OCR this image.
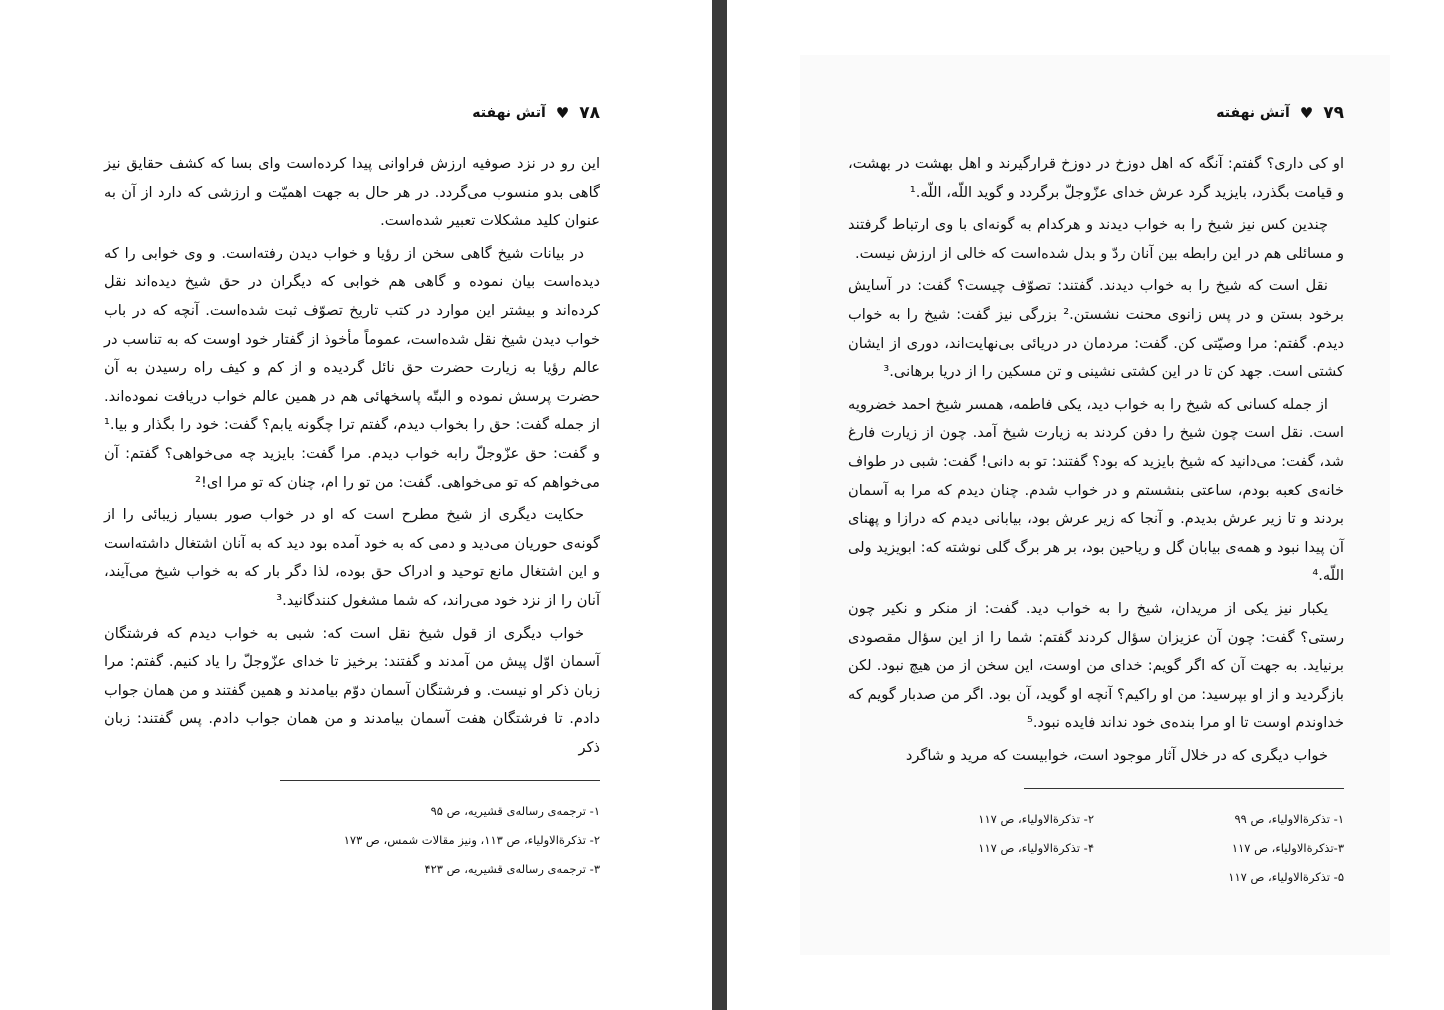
۷۸
♥
آتش نهفته

این رو در نزد صوفیه ارزش فراوانی پیدا کرده‌است وای بسا که کشف حقایق نیز گاهی بدو منسوب می‌گردد. در هر حال به جهت اهمیّت و ارزشی که دارد از آن به عنوان کلید مشکلات تعبیر شده‌است.

در بیانات شیخ گاهی سخن از رؤیا و خواب دیدن رفته‌است. و وی خوابی را که دیده‌است بیان نموده و گاهی هم خوابی که دیگران در حق شیخ دیده‌اند نقل کرده‌اند و بیشتر این موارد در کتب تاریخ تصوّف ثبت شده‌است. آنچه که در باب خواب دیدن شیخ نقل شده‌است، عموماً مأخوذ از گفتار خود اوست که به تناسب در عالم رؤیا به زیارت حضرت حق نائل گردیده و از کم و کیف راه رسیدن به آن حضرت پرسش نموده و البتّه پاسخهائی هم در همین عالم خواب دریافت نموده‌اند. از جمله گفت: حق را بخواب دیدم، گفتم ترا چگونه یابم؟ گفت: خود را بگذار و بیا.¹ و گفت: حق عزّوجلّ رابه خواب دیدم. مرا گفت: بایزید چه می‌خواهی؟ گفتم: آن می‌خواهم که تو می‌خواهی. گفت: من تو را ام، چنان که تو مرا ای!²

حکایت دیگری از شیخ مطرح است که او در خواب صور بسیار زیبائی را از گونه‌ی حوریان می‌دید و دمی که به خود آمده بود دید که به آنان اشتغال داشته‌است و این اشتغال مانع توحید و ادراک حق بوده، لذا دگر بار که به خواب شیخ می‌آیند، آنان را از نزد خود می‌راند، که شما مشغول کنندگانید.³

خواب دیگری از قول شیخ نقل است که: شبی به خواب دیدم که فرشتگان آسمان اوّل پیش من آمدند و گفتند: برخیز تا خدای عزّوجلّ را یاد کنیم. گفتم: مرا زبان ذکر او نیست. و فرشتگان آسمان دوّم بیامدند و همین گفتند و من همان جواب دادم. تا فرشتگان هفت آسمان بیامدند و من همان جواب دادم. پس گفتند: زبان ذکر

۱- ترجمه‌ی رساله‌ی قشیریه، ص ۹۵
۲- تذکرةالاولیاء، ص ۱۱۳، ونیز مقالات شمس، ص ۱۷۳
۳- ترجمه‌ی رساله‌ی قشیریه، ص ۴۲۳
۷۹
♥
آتش نهفته

او کی داری؟ گفتم: آنگه که اهل دوزخ در دوزخ قرارگیرند و اهل بهشت در بهشت، و قیامت بگذرد، بایزید گرد عرش خدای عزّوجلّ برگردد و گوید اللّه، اللّه.¹

چندین کس نیز شیخ را به خواب دیدند و هرکدام به گونه‌ای با وی ارتباط گرفتند و مسائلی هم در این رابطه بین آنان ردّ و بدل شده‌است که خالی از ارزش نیست.

نقل است که شیخ را به خواب دیدند. گفتند: تصوّف چیست؟ گفت: در آسایش برخود بستن و در پس زانوی محنت نشستن.² بزرگی نیز گفت: شیخ را به خواب دیدم. گفتم: مرا وصیّتی کن. گفت: مردمان در دریائی بی‌نهایت‌اند، دوری از ایشان کشتی است. جهد کن تا در این کشتی نشینی و تن مسکین را از دریا برهانی.³

از جمله کسانی که شیخ را به خواب دید، یکی فاطمه، همسر شیخ احمد خضرویه است. نقل است چون شیخ را دفن کردند به زیارت شیخ آمد. چون از زیارت فارغ شد، گفت: می‌دانید که شیخ بایزید که بود؟ گفتند: تو به دانی! گفت: شبی در طواف خانه‌ی کعبه بودم، ساعتی بنشستم و در خواب شدم. چنان دیدم که مرا به آسمان بردند و تا زیر عرش بدیدم. و آنجا که زیر عرش بود، بیابانی دیدم که درازا و پهنای آن پیدا نبود و همه‌ی بیابان گل و ریاحین بود، بر هر برگ گلی نوشته که: ابویزید ولی اللّه.⁴

یکبار نیز یکی از مریدان، شیخ را به خواب دید. گفت: از منکر و نکیر چون رستی؟ گفت: چون آن عزیزان سؤال کردند گفتم: شما را از این سؤال مقصودی برنیاید. به جهت آن که اگر گویم: خدای من اوست، این سخن از من هیچ نبود. لکن بازگردید و از او بپرسید: من او راکیم؟ آنچه او گوید، آن بود. اگر من صدبار گویم که خداوندم اوست تا او مرا بنده‌ی خود نداند فایده نبود.⁵

خواب دیگری که در خلال آثار موجود است، خوابیست که مرید و شاگرد

۱- تذکرةالاولیاء، ص ۹۹
۳-تذکرةالاولیاء، ص ۱۱۷
۵- تذکرةالاولیاء، ص ۱۱۷
۲- تذکرةالاولیاء، ص ۱۱۷
۴- تذکرةالاولیاء، ص ۱۱۷
